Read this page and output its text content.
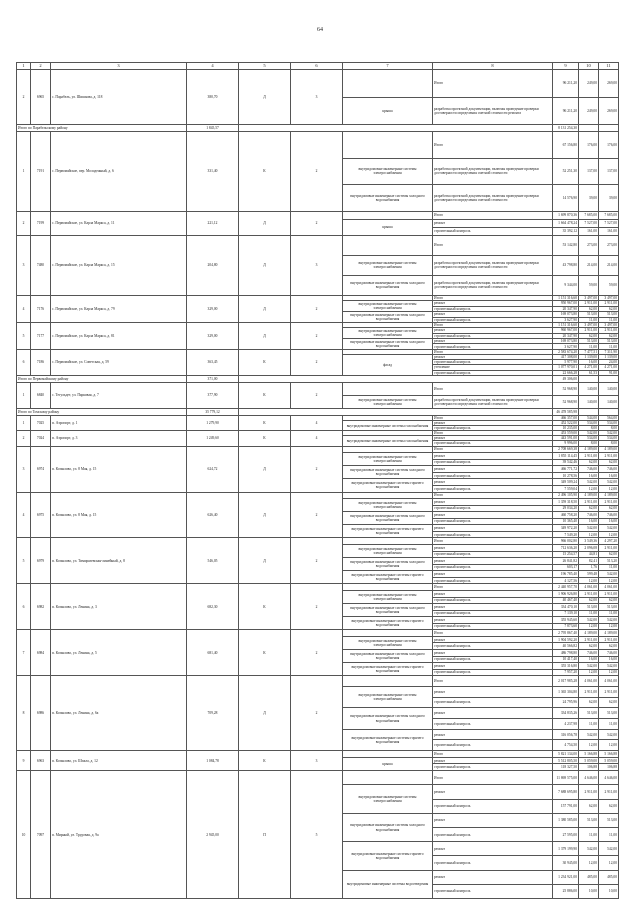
64
1	2	3	4	5	6	7	8	9	10	11
2	6965	с. Парабель, ул. Шишкова, д. 118	380,70	Д	3		Итого	96 211,20	249,00	269,00
						крыша	разработка проектной документации, включая проведение проверки достоверности определения сметной стоимости ремонта	96 211,20	249,00	269,00
Итого по Парабельскому району			1 845,57					8 131 254,30		
1	7191	с. Первомайское, пер. Молодежный, д. 6	331,40	К	2		Итого	67 156,80	176,00	176,00
						внутридомовые инженерные системы электроснабжения	разработка проектной документации, включая проведение проверки достоверности определения сметной стоимости	52 251,30	137,00	137,00
						внутридомовые инженерные системы холодного водоснабжения	разработка проектной документации, включая проведение проверки достоверности определения сметной стоимости	14 576,90	39,00	39,00
2	7199	с. Первомайское, ул. Карла Маркса, д. 11	221,12	Д	2		Итого	1 699 870,36	7 685,00	7 685,00
						крыша	ремонт	1 664 478,24	7 527,00	7 527,00
							строительный контроль	35 392,12	161,00	161,00
3	7480	с. Первомайское, ул. Карла Маркса, д. 15	204,80	Д	3		Итого	53 142,80	273,00	273,00
						внутридомовые инженерные системы электроснабжения	разработка проектной документации, включая проведение проверки достоверности определения сметной стоимости	43 798,80	214,00	214,00
						внутридомовые инженерные системы холодного водоснабжения	разработка проектной документации, включая проведение проверки достоверности определения сметной стоимости	9 344,00	59,00	59,00
4	7176	с. Первомайское, ул. Карла Маркса, д. 79	329,00	Д	2		Итого	1 151 316,60	3 497,00	3 497,00
						внутридомовые инженерные системы электроснабжения	ремонт	950 967,00	2 911,00	2 911,00
							строительный контроль	20 347,90	62,00	62,00
						внутридомовые инженерные системы холодного водоснабжения	ремонт	169 073,80	513,00	513,00
							строительный контроль	3 627,90	11,00	11,00
5	7177	с. Первомайское, ул. Карла Маркса, д. 81	329,00	Д	2		Итого	1 151 316,60	3 497,00	3 497,00
						внутридомовые инженерные системы электроснабжения	ремонт	960 967,00	2 911,00	2 911,00
							строительный контроль	20 347,90	62,00	62,00
						внутридомовые инженерные системы холодного водоснабжения	ремонт	169 073,80	513,00	513,00
							строительный контроль	3 627,90	11,00	11,00
6	7186	с. Первомайское, ул. Советская, д. 59	363,45	К	2		Итого	2 583 674,20	7 477,51	7 311,90
						фасад	ремонт	417 308,00	1 139,00	1 139,00
							строительный контроль	5 977,90	16,00	24,00
							утепление	1 077 970,01	4 271,00	4 271,00
							строительный контроль	22 666,28	61,53	91,00
Итого по Первомайскому району			371,00					49 306,00		
1	6840	с. Тегульдет, ул. Парковая, д. 7	377,90	К	2		Итого	52 968,90	140,00	140,00
						внутридомовые инженерные системы электроснабжения	разработка проектной документации, включая проведение проверки достоверности определения сметной стоимости	52 968,90	140,00	140,00
Итого по Томскому району			35 779,12					46 478 585,98		
1	7025	п. Аэропорт, д. 1	1 279,90	К	4		Итого	466 357,00	544,00	564,00
						внутридомовые инженерные системы газоснабжения	ремонт	452 522,00	534,00	534,00
							строительный контроль	10 235,00	8,00	8,00
2	7024	п. Аэропорт, д. 3	1 249,60	К	4		Итого	453 559,00	542,00	542,00
						внутридомовые инженерные системы газоснабжения	ремонт	443 591,00	534,00	534,00
							строительный контроль	9 996,00	8,00	8,00
3	6974	п. Копылово, ул. 8 Мая, д. 15	624,72	Д	2		Итого	2 708 669,38	4 189,00	4 189,00
						внутридомовые инженерные системы электроснабжения	ремонт	1 855 114,45	2 911,00	2 911,00
							строительный контроль	39 542,46	62,00	62,00
						внутридомовые инженерные системы холодного водоснабжения	ремонт	466 771,72	746,00	746,00
							строительный контроль	10 278,56	16,00	16,00
						внутридомовые инженерные системы горячего водоснабжения	ремонт	349 509,24	542,00	542,00
							строительный контроль	7 559,04	12,00	12,00
4	6975	п. Копылово, ул. 8 Мая, д. 15	626,40	Д	2		Итого	2 496 105,90	4 189,00	4 189,00
						внутридомовые инженерные системы электроснабжения	ремонт	1 359 318,50	2 911,00	2 911,00
							строительный контроль	29 034,20	62,00	62,00
						внутридомовые инженерные системы холодного водоснабжения	ремонт	460 758,20	746,00	746,00
							строительный контроль	10 365,40	16,00	16,00
						внутридомовые инженерные системы горячего водоснабжения	ремонт	349 972,20	542,00	542,00
							строительный контроль	7 549,20	12,00	12,00
5	6979	п. Копылово, ул. Тимирязевская-линейный, д. 8	546,05	Д	2		Итого	966 002,80	3 549,36	4 297,20
						внутридомовые инженерные системы электроснабжения	ремонт	712 636,20	2 096,08	2 911,00
							строительный контроль	15 254,57	44,81	62,00
						внутридомовые инженерные системы холодного водоснабжения	ремонт	26 841,82	82,41	513,20
							строительный контроль	603,17	1,76	11,00
						внутридомовые инженерные системы горячего водоснабжения	ремонт	196 785,40	599,48	542,00
							строительный контроль	4 127,56	12,00	12,00
6	6982	п. Копылово, ул. Ленина, д. 3	682,30	К	2		Итого	2 440 957,70	4 061,00	4 061,00
						внутридомовые инженерные системы электроснабжения	ремонт	1 906 926,80	2 911,00	2 911,00
							строительный контроль	40 467,40	62,00	62,00
						внутридомовые инженерные системы холодного водоснабжения	ремонт	334 470,10	513,00	513,00
							строительный контроль	7 139,10	11,00	11,00
						внутридомовые инженерные системы горячего водоснабжения	ремонт	355 945,60	542,00	542,00
							строительный контроль	7 873,60	12,00	12,00
7	6984	п. Копылово, ул. Ленина, д. 5	681,40	К	2		Итого	2 795 867,40	4 189,00	4 189,00
						внутридомовые инженерные системы электроснабжения	ремонт	1 904 592,20	2 911,00	2 911,00
							строительный контроль	40 566,82	62,00	62,00
						внутридомовые инженерные системы холодного водоснабжения	ремонт	486 798,80	746,00	746,00
							строительный контроль	10 417,40	16,00	16,00
						внутридомовые инженерные системы горячего водоснабжения	ремонт	355 316,80	542,00	542,00
							строительный контроль	7 957,20	12,00	12,00
8	6986	п. Копылово, ул. Ленина, д. 6а	709,28	Д	2		Итого	2 017 985,28	4 061,00	4 061,00
						внутридомовые инженерные системы электроснабжения	ремонт	1 365 304,80	2 911,00	2 911,00
							строительный контроль	24 795,96	62,00	62,00
						внутридомовые инженерные системы холодного водоснабжения	ремонт	334 835,26	513,00	513,00
							строительный контроль	4 237,98	11,00	11,00
						внутридомовые инженерные системы горячего водоснабжения	ремонт	316 056,78	542,00	542,00
							строительный контроль	4 754,50	12,00	12,00
9	6963	п. Копылово, ул. Шпала, д. 12	1 084,78	К	3		Итого	5 821 134,00	5 166,88	5 166,88
						крыша	ремонт	5 512 805,50	5 059,00	5 059,00
							строительный контроль	118 327,50	106,88	106,88
10	7097	п. Мирный, ул. Трудовая, д. 9а	2 945,00	П	5		Итого	11 869 575,00	4 646,00	4 646,00
						внутридомовые инженерные системы электроснабжения	ремонт	7 688 695,80	2 911,00	2 911,00
							строительный контроль	157 791,00	62,00	62,00
						внутридомовые инженерные системы холодного водоснабжения	ремонт	1 380 585,00	513,00	513,00
							строительный контроль	27 595,00	11,00	11,00
						внутридомовые инженерные системы горячего водоснабжения	ремонт	1 379 199,90	542,00	542,00
							строительный контроль	30 945,00	12,00	12,00
						внутридомовые инженерные системы водоотведения	ремонт	1 234 921,00	485,00	485,00
							строительный контроль	25 886,00	10,00	10,00
